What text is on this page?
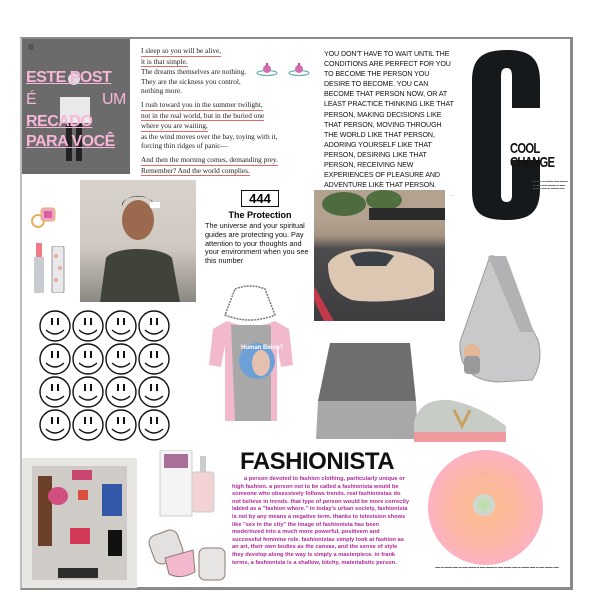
ESTE POST
É	UM
RECADO
PARA VOCÊ

I sleep so you will be alive,
it is that simple.
The dreams themselves are nothing.
They are the sickness you control,
nothing more.

I rush toward you in the summer twilight,
not in the real world, but in the buried one
where you are waiting,
as the wind moves over the bay, toying with it,
forcing thin ridges of panic—

And then the morning comes, demanding prey.
Remember? And the world complies.

YOU DON'T HAVE TO WAIT UNTIL THE CONDITIONS ARE PERFECT FOR YOU TO BECOME THE PERSON YOU DESIRE TO BECOME. YOU CAN BECOME THAT PERSON NOW, OR AT LEAST PRACTICE THINKING LIKE THAT PERSON, MAKING DECISIONS LIKE THAT PERSON, MOVING THROUGH THE WORLD LIKE THAT PERSON, ADORING YOURSELF LIKE THAT PERSON, DESIRING LIKE THAT PERSON, RECEIVING NEW EXPERIENCES OF PLEASURE AND ADVENTURE LIKE THAT PERSON.
—
COOL
CHANGE
▬ ▬▬ ▬ ▬▬▬ ▬▬ ▬▬▬ ▬ ▬▬ ▬▬ ▬▬▬ ▬ ▬▬ ▬▬▬ ▬▬ ▬ ▬▬▬ ▬▬
444
The Protection
The universe and your spiritual guides are protecting you. Pay attention to your thoughts and your environment when you see this number
Human Being?
FASHIONISTA
a person devoted to fashion clothing, particularly unique or high fashion. a person not to be called a fashionista would be someone who obsessively follows trends. real fashionistas do not believe in trends. that type of person would be more correctly labled as a "fashion whore." in today's urban society, fashionista is not by any means a negative term. thanks to television shows like "sex in the city" the image of fashionista has been moderinzed into a much more powerful, positivem and successful feminine role. fashionistas simply look at fashion as an art, their own bodies as the canvas, and the sense of style they develop along the way is simply a masterpiece. in frank terms, a fashionista is a shallow, bitchy, materialistic person.
· · · · ·
· · ·
▬▬ ▬ ▬▬▬ ▬▬ ▬ ▬▬ ▬▬▬ ▬ ▬▬ ▬▬▬ ▬ ▬▬ ▬▬▬ ▬▬ ▬ ▬▬▬ ▬▬ ▬ ▬▬ ▬▬▬ ▬▬
